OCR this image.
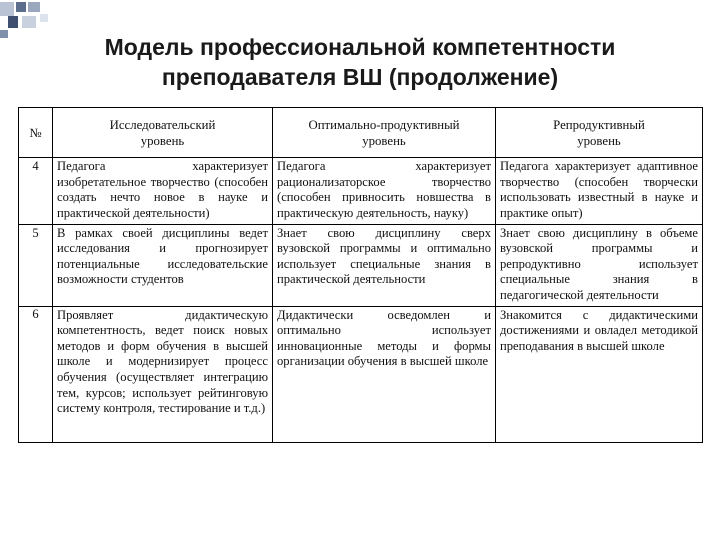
Модель профессиональной компетентности
преподавателя ВШ (продолжение)
№	Исследовательский уровень	Оптимально-продуктивный уровень	Репродуктивный уровень
4	Педагога характеризует изобретательное творчество (способен создать нечто новое в науке и практической деятельности)	Педагога характеризует рационализаторское творчество (способен привносить новшества в практическую деятельность, науку)	Педагога характеризует адаптивное творчество (способен творчески использовать известный в науке и практике опыт)
5	В рамках своей дисциплины ведет исследования и прогнозирует потенциальные исследовательские возможности студентов	Знает свою дисциплину сверх вузовской программы и оптимально использует специальные знания в практической деятельности	Знает свою дисциплину в объеме вузовской программы и репродуктивно использует специальные знания в педагогической деятельности
6	Проявляет дидактическую компетентность, ведет поиск новых методов и форм обучения в высшей школе и модернизирует процесс обучения (осуществляет интеграцию тем, курсов; использует рейтинговую систему контроля, тестирование и т.д.)	Дидактически осведомлен и оптимально использует инновационные методы и формы организации обучения в высшей школе	Знакомится с дидактическими достижениями и овладел методикой преподавания в высшей школе
